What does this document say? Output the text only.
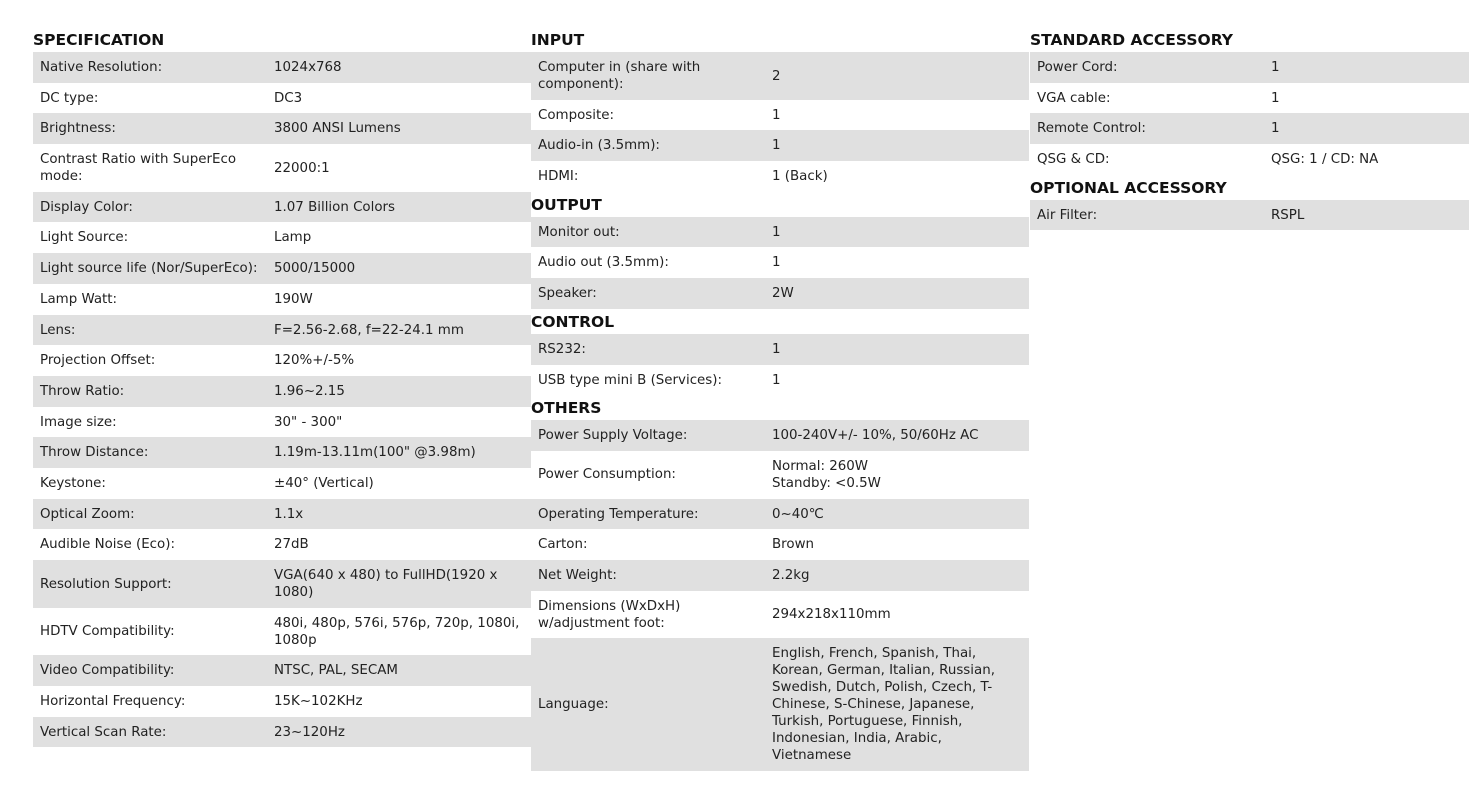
SPECIFICATION
Native Resolution:	1024x768
DC type:	DC3
Brightness:	3800 ANSI Lumens
Contrast Ratio with SuperEco mode:	22000:1
Display Color:	1.07 Billion Colors
Light Source:	Lamp
Light source life (Nor/SuperEco):	5000/15000
Lamp Watt:	190W
Lens:	F=2.56-2.68, f=22-24.1 mm
Projection Offset:	120%+/-5%
Throw Ratio:	1.96~2.15
Image size:	30" - 300"
Throw Distance:	1.19m-13.11m(100" @3.98m)
Keystone:	±40° (Vertical)
Optical Zoom:	1.1x
Audible Noise (Eco):	27dB
Resolution Support:	VGA(640 x 480) to FullHD(1920 x 1080)
HDTV Compatibility:	480i, 480p, 576i, 576p, 720p, 1080i, 1080p
Video Compatibility:	NTSC, PAL, SECAM
Horizontal Frequency:	15K~102KHz
Vertical Scan Rate:	23~120Hz
INPUT
Computer in (share with component):	2
Composite:	1
Audio-in (3.5mm):	1
HDMI:	1 (Back)
OUTPUT
Monitor out:	1
Audio out (3.5mm):	1
Speaker:	2W
CONTROL
RS232:	1
USB type mini B (Services):	1
OTHERS
Power Supply Voltage:	100-240V+/- 10%, 50/60Hz AC
Power Consumption:	Normal: 260W
Standby: <0.5W
Operating Temperature:	0~40℃
Carton:	Brown
Net Weight:	2.2kg
Dimensions (WxDxH) w/adjustment foot:	294x218x110mm
Language:	English, French, Spanish, Thai, Korean, German, Italian, Russian, Swedish, Dutch, Polish, Czech, T-Chinese, S-Chinese, Japanese, Turkish, Portuguese, Finnish, Indonesian, India, Arabic, Vietnamese
STANDARD ACCESSORY
Power Cord:	1
VGA cable:	1
Remote Control:	1
QSG & CD:	QSG: 1 / CD: NA
OPTIONAL ACCESSORY
Air Filter:	RSPL
